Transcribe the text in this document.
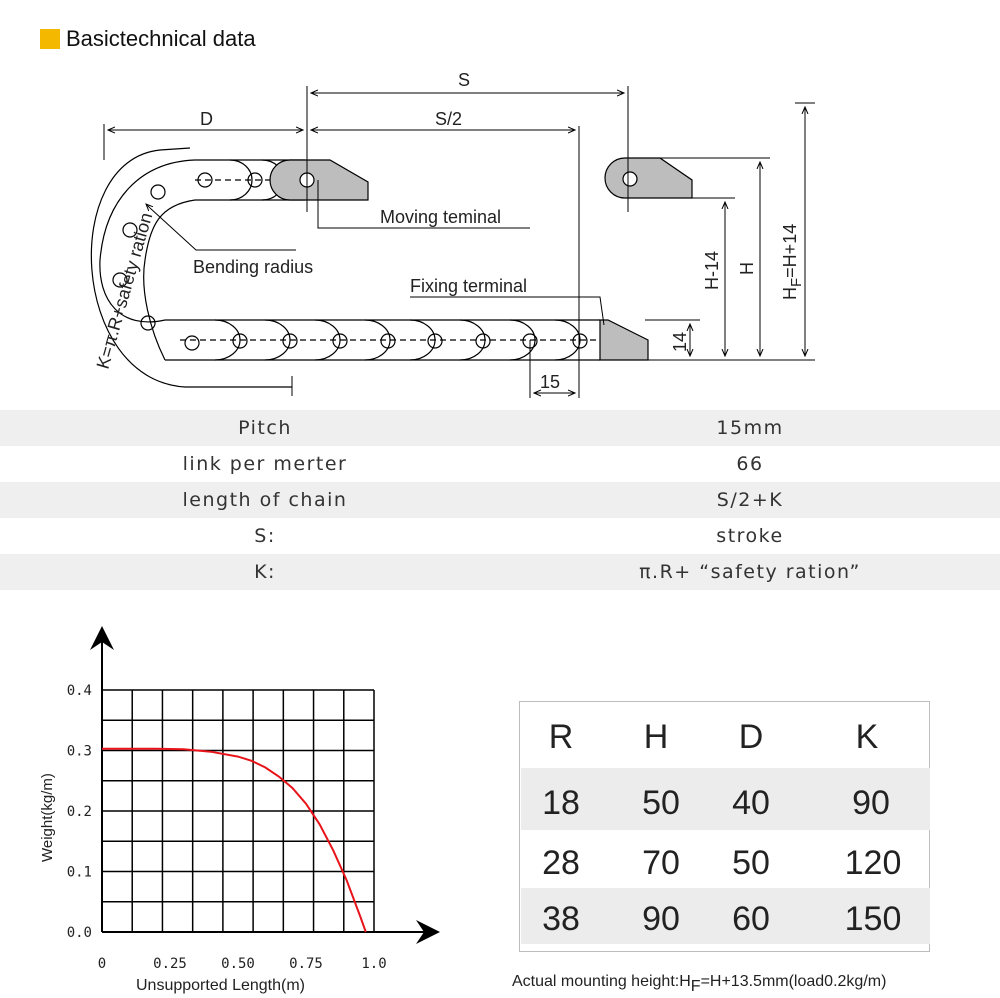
Basictechnical data
S
S/2
D
Moving teminal
Bending radius
Fixing terminal
15
14
H-14 H
$H_F=H+14$
K=π.R+safety ration
Pitch	15mm
link per merter	66
length of chain	S/2+K
S:	stroke
K:	π.R+ “safety ration”
0	0.25 0.50 0.75	1.0
0.0
0.1
0.2
0.3
0.4
Weight(kg/m)
Unsupported Length(m)
R H D	K
18 50 40 90
28 70 50 120
38 90 60 150
Actual mounting $height:H_F=H+13.5mm(load0.2kg/m)$
